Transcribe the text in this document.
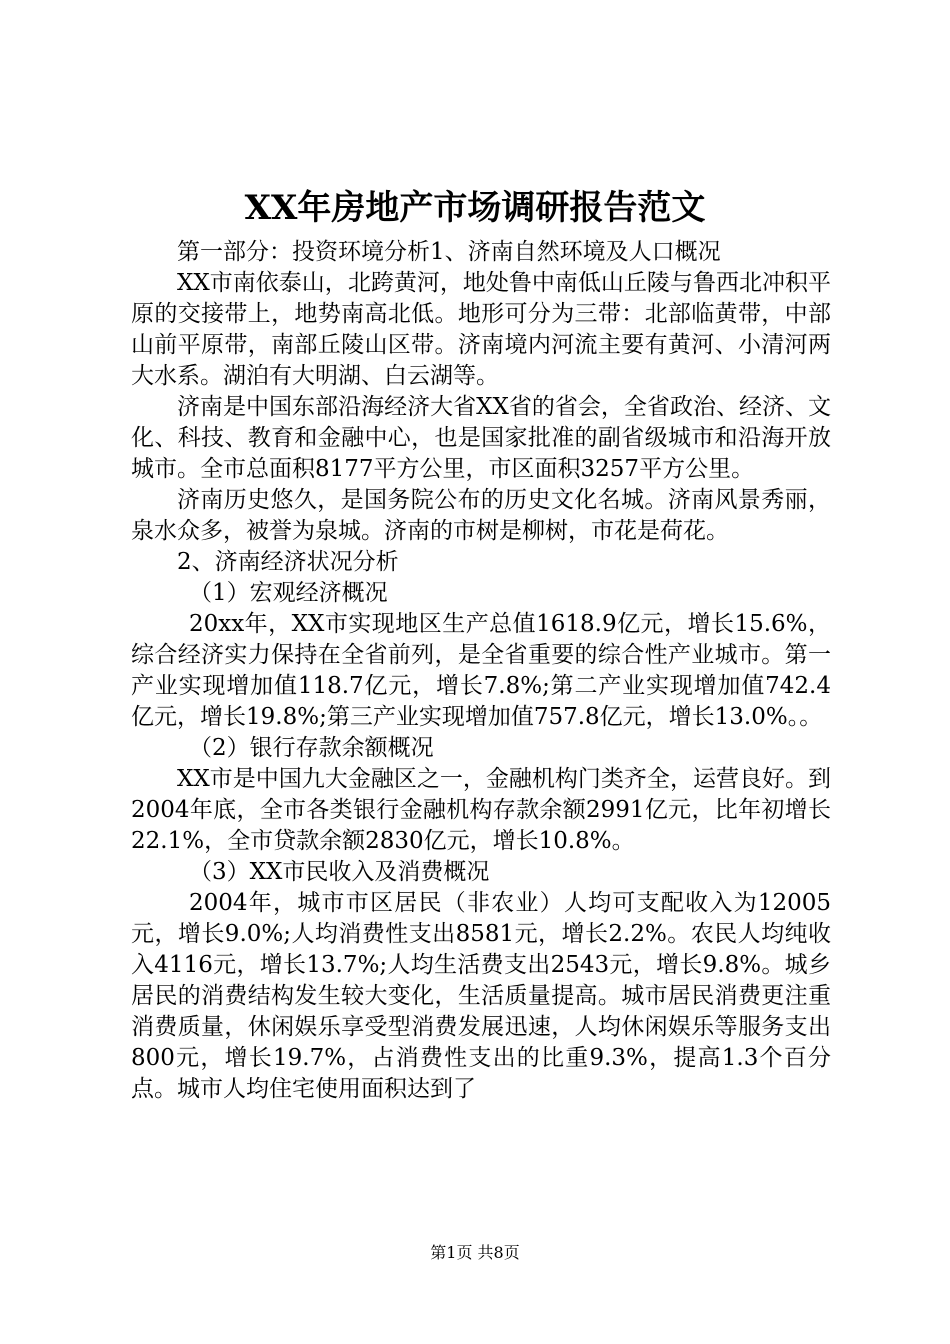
XX年房地产市场调研报告范文

第一部分：投资环境分析1、济南自然环境及人口概况

XX市南依泰山，北跨黄河，地处鲁中南低山丘陵与鲁西北冲积平原的交接带上，地势南高北低。地形可分为三带：北部临黄带，中部山前平原带，南部丘陵山区带。济南境内河流主要有黄河、小清河两大水系。湖泊有大明湖、白云湖等。

济南是中国东部沿海经济大省XX省的省会，全省政治、经济、文化、科技、教育和金融中心，也是国家批准的副省级城市和沿海开放城市。全市总面积8177平方公里，市区面积3257平方公里。

济南历史悠久，是国务院公布的历史文化名城。济南风景秀丽，泉水众多，被誉为泉城。济南的市树是柳树，市花是荷花。

2、济南经济状况分析

（1）宏观经济概况

20xx年，XX市实现地区生产总值1618.9亿元，增长15.6%，综合经济实力保持在全省前列，是全省重要的综合性产业城市。第一产业实现增加值118.7亿元，增长7.8%;第二产业实现增加值742.4亿元，增长19.8%;第三产业实现增加值757.8亿元，增长13.0%。。

（2）银行存款余额概况

XX市是中国九大金融区之一，金融机构门类齐全，运营良好。到2004年底，全市各类银行金融机构存款余额2991亿元，比年初增长22.1%，全市贷款余额2830亿元，增长10.8%。

（3）XX市民收入及消费概况

2004年，城市市区居民（非农业）人均可支配收入为12005元，增长9.0%;人均消费性支出8581元，增长2.2%。农民人均纯收入4116元，增长13.7%;人均生活费支出2543元，增长9.8%。城乡居民的消费结构发生较大变化，生活质量提高。城市居民消费更注重消费质量，休闲娱乐享受型消费发展迅速，人均休闲娱乐等服务支出800元，增长19.7%，占消费性支出的比重9.3%，提高1.3个百分点。城市人均住宅使用面积达到了

第1页 共8页
